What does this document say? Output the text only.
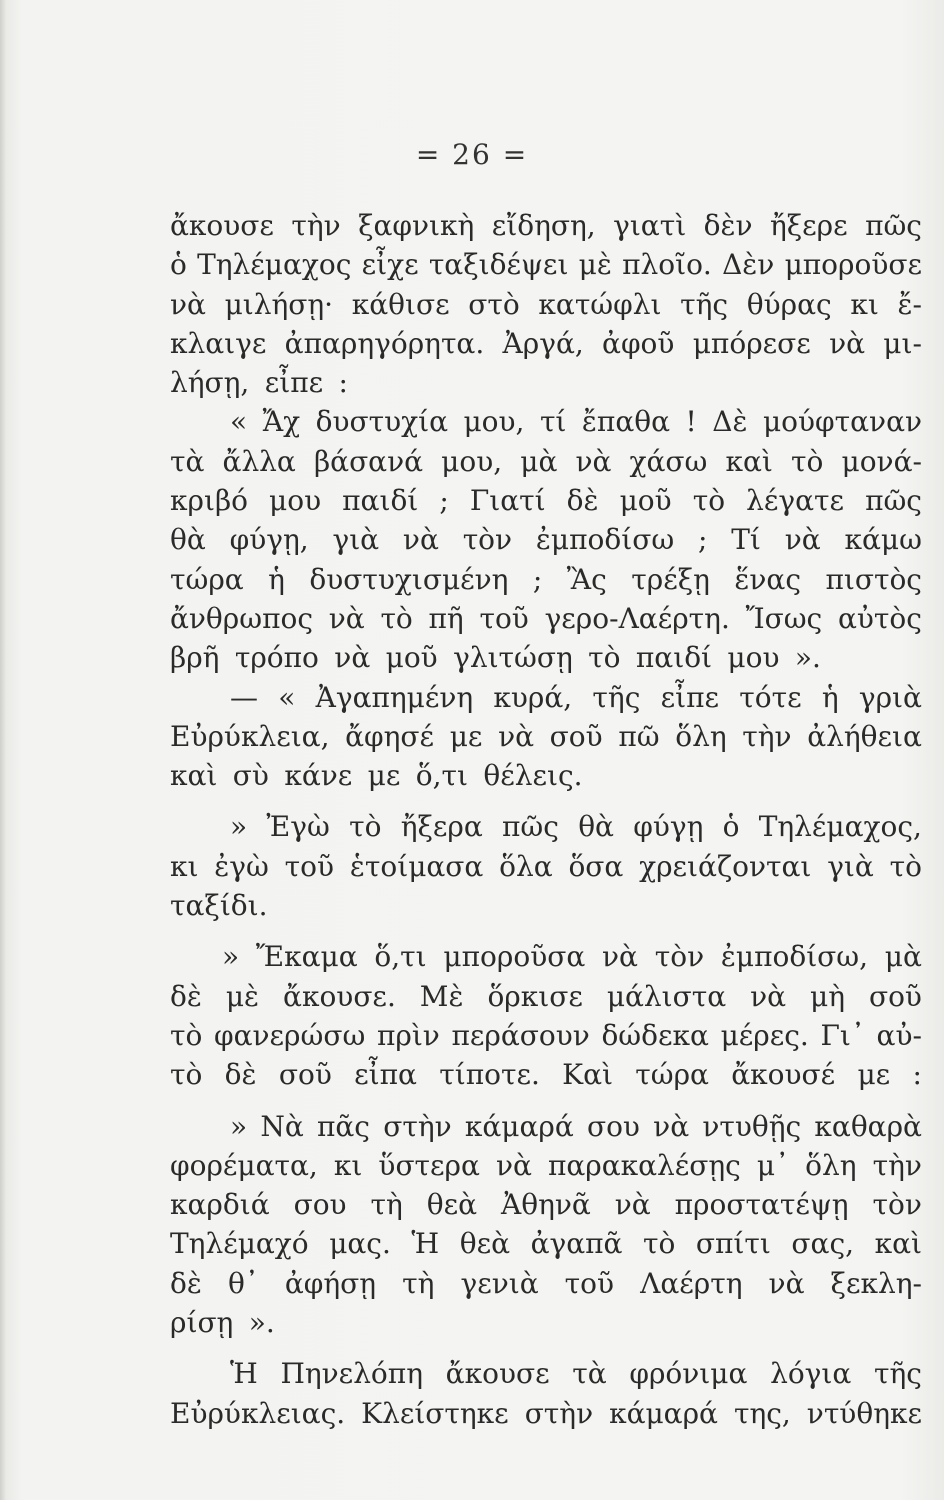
= 26 =
ἄκουσε τὴν ξαφνικὴ εἴδηση, γιατὶ δὲν ἤξερε πῶς
ὁ Τηλέμαχος εἶχε ταξιδέψει μὲ πλοῖο. Δὲν μποροῦσε
νὰ μιλήσῃ· κάθισε στὸ κατώφλι τῆς θύρας κι ἔ-
κλαιγε ἀπαρηγόρητα. Ἀργά, ἀφοῦ μπόρεσε νὰ μι-
λήσῃ, εἶπε :
« Ἄχ δυστυχία μου, τί ἔπαθα ! Δὲ μούφταναν
τὰ ἄλλα βάσανά μου, μὰ νὰ χάσω καὶ τὸ μονά-
κριβό μου παιδί ; Γιατί δὲ μοῦ τὸ λέγατε πῶς
θὰ φύγῃ, γιὰ νὰ τὸν ἐμποδίσω ; Τί νὰ κάμω
τώρα ἡ δυστυχισμένη ; Ἂς τρέξῃ ἕνας πιστὸς
ἄνθρωπος νὰ τὸ πῆ τοῦ γερο-Λαέρτη. Ἴσως αὐτὸς
βρῆ τρόπο νὰ μοῦ γλιτώσῃ τὸ παιδί μου ».
— « Ἀγαπημένη κυρά, τῆς εἶπε τότε ἡ γριὰ
Εὐρύκλεια, ἄφησέ με νὰ σοῦ πῶ ὅλη τὴν ἀλήθεια
καὶ σὺ κάνε με ὅ,τι θέλεις.
» Ἐγὼ τὸ ἤξερα πῶς θὰ φύγῃ ὁ Τηλέμαχος,
κι ἐγὼ τοῦ ἑτοίμασα ὅλα ὅσα χρειάζονται γιὰ τὸ
ταξίδι.
» Ἔκαμα ὅ,τι μποροῦσα νὰ τὸν ἐμποδίσω, μὰ
δὲ μὲ ἄκουσε. Μὲ ὅρκισε μάλιστα νὰ μὴ σοῦ
τὸ φανερώσω πρὶν περάσουν δώδεκα μέρες. Γι᾿ αὐ-
τὸ δὲ σοῦ εἶπα τίποτε. Καὶ τώρα ἄκουσέ με :
» Νὰ πᾶς στὴν κάμαρά σου νὰ ντυθῇς καθαρὰ
φορέματα, κι ὕστερα νὰ παρακαλέσῃς μ᾿ ὅλη τὴν
καρδιά σου τὴ θεὰ Ἀθηνᾶ νὰ προστατέψῃ τὸν
Τηλέμαχό μας. Ἡ θεὰ ἀγαπᾶ τὸ σπίτι σας, καὶ
δὲ θ᾿ ἀφήσῃ τὴ γενιὰ τοῦ Λαέρτη νὰ ξεκλη-
ρίσῃ ».
Ἡ Πηνελόπη ἄκουσε τὰ φρόνιμα λόγια τῆς
Εὐρύκλειας. Κλείστηκε στὴν κάμαρά της, ντύθηκε
